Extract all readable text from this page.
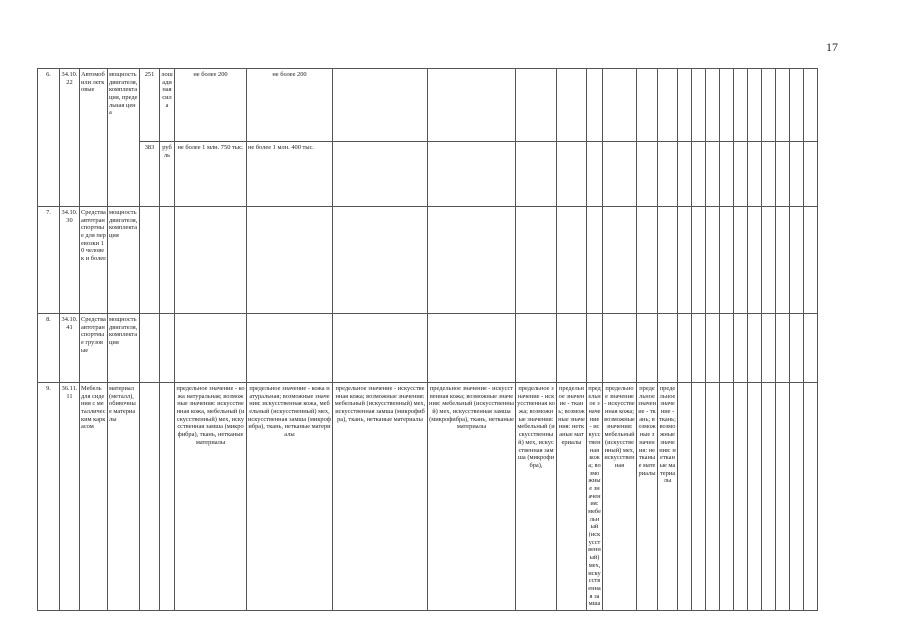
17
6.	34.10.22	Автомобили легковые	мощность двигателя, комплектация, предельная цена	251	лошадиная сила	не более 200	не более 200																		
				383	рубль	не более 1 млн. 750 тыс.	не более 1 млн. 400 тыс.																		
7.	34.10.30	Средства автотранспортные для перевозки 10 человек и более	мощность двигателя, комплектация																						
8.	34.10.41	Средства автотранспортные грузовые	мощность двигателя, комплектация																						
9.	36.11.11	Мебель для сидения с металлическим каркасом	материал (металл), обивочные материалы			предельное значение - кожа натуральная; возможные значения: искусственная кожа, мебельный (искусственный) мех, искусственная замша (микрофибра), ткань, нетканые материалы	предельное значение - кожа натуральная; возможные значения: искусственная кожа, мебельный (искусственный) мех, искусственная замша (микрофибра), ткань, нетканые материалы	предельное значение - искусственная кожа; возможные значения: мебельный (искусственный) мех, искусственная замша (микрофибра), ткань, нетканые материалы	предельное значение - искусственная кожа; возможные значения: мебельный (искусственный) мех, искусственная замша (микрофибра), ткань, нетканые материалы	предельное значение - искусственная кожа; возможные значения: мебельный (искусственный) мех, искусственная замша (микрофибра),	предельное значение - ткань; возможные значения: нетканые материалы	предельное значение - искусственная кожа; возможные значения: мебельный (искусственный) мех, искусственная замша	предельное значение - искусственная кожа; возможные значения: мебельный (искусственный) мех, искусственная	предельное значение - ткань; возможные значения: нетканые материалы	предельное значение - ткань; возможные значения: нетканые материалы										
